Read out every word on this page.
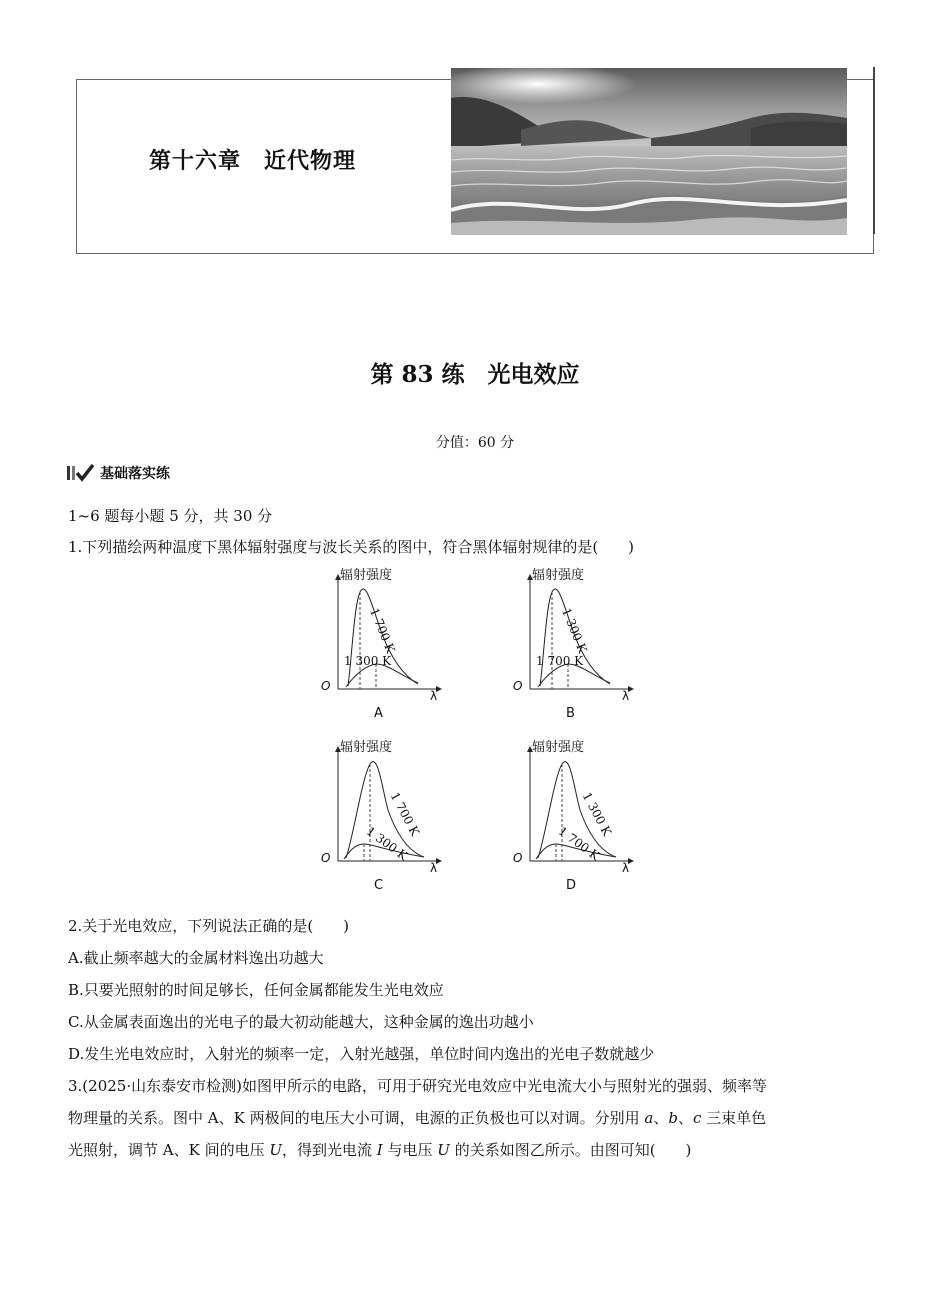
第十六章　 近代物理
第 83 练　 光电效应
分值：60 分
基础落实练
1~6 题每小题 5 分，共 30 分
1.下列描绘两种温度下黑体辐射强度与波长关系的图中，符合黑体辐射规律的是(　　)
辐射强度
O
λ
A
1 700 K
1 300 K
辐射强度
O
λ
B
1 300 K
1 700 K
辐射强度
O
λ
C
1 700 K
1 300 K
辐射强度
O
λ
D
1 300 K
1 700 K
2.关于光电效应，下列说法正确的是(　　)
A.截止频率越大的金属材料逸出功越大
B.只要光照射的时间足够长，任何金属都能发生光电效应
C.从金属表面逸出的光电子的最大初动能越大，这种金属的逸出功越小
D.发生光电效应时，入射光的频率一定，入射光越强，单位时间内逸出的光电子数就越少
3.(2025·山东泰安市检测)如图甲所示的电路，可用于研究光电效应中光电流大小与照射光的强弱、频率等
物理量的关系。图中 A、K 两极间的电压大小可调，电源的正负极也可以对调。分别用 a、b、c 三束单色
光照射，调节 A、K 间的电压 U，得到光电流 I 与电压 U 的关系如图乙所示。由图可知(　　)
